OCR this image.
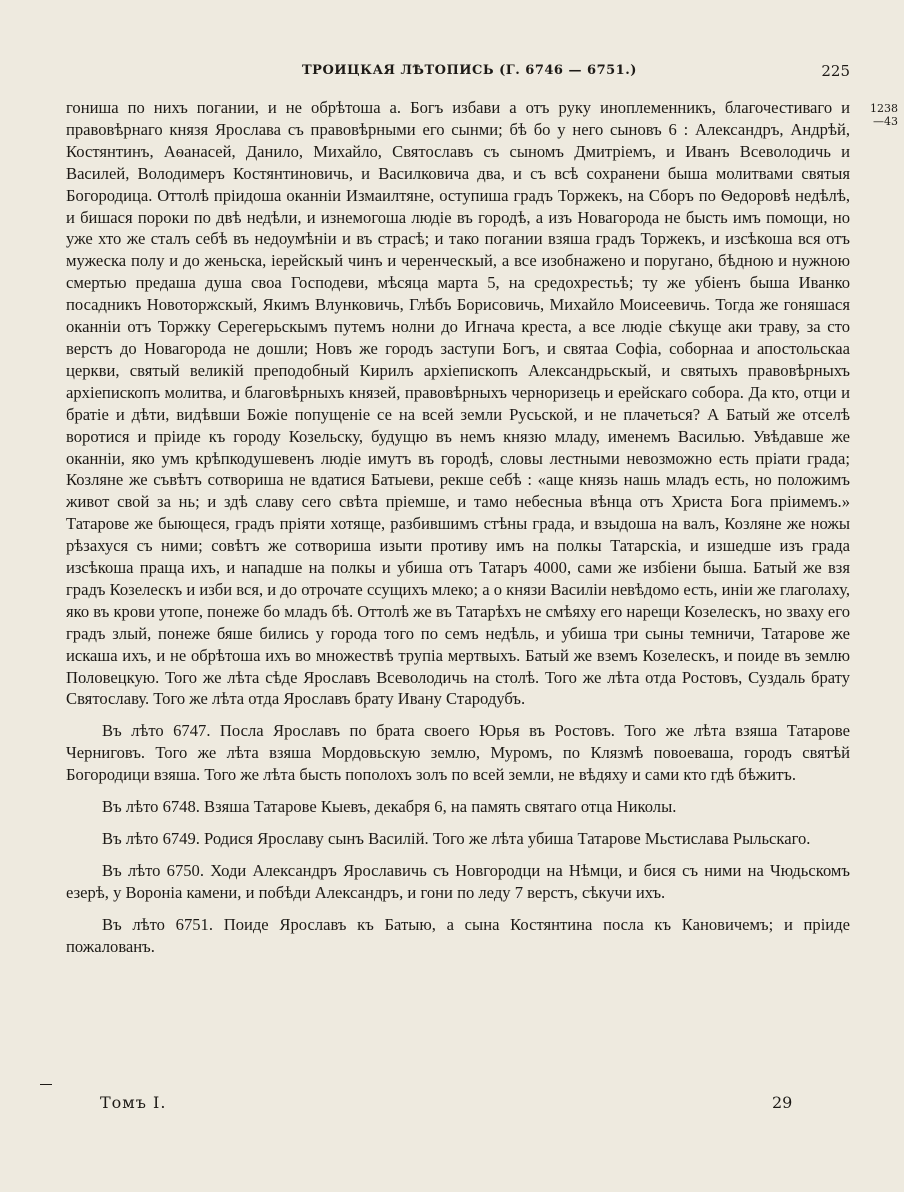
ТРОИЦКАЯ ЛѢТОПИСЬ (Г. 6746 — 6751.)	225
1238
—43

гониша по нихъ погании, и не обрѣтоша а. Богъ избави а отъ руку иноплеменникъ, благочестиваго и правовѣрнаго князя Ярослава съ правовѣрными его сынми; бѣ бо у него сыновъ 6 : Александръ, Андрѣй, Костянтинъ, Аѳанасей, Данило, Михайло, Святославъ съ сыномъ Дмитрiемъ, и Иванъ Всеволодичь и Василей, Володимеръ Костянтиновичь, и Василковича два, и съ всѣ сохранени быша молитвами святыя Богородица. Оттолѣ прiидоша оканнiи Измаилтяне, оступиша градъ Торжекъ, на Сборъ по Ѳедоровѣ недѣлѣ, и бишася пороки по двѣ недѣли, и изнемогоша людiе въ городѣ, а изъ Новагорода не бысть имъ помощи, но уже хто же сталъ себѣ въ недоумѣнiи и въ страсѣ; и тако погании взяша градъ Торжекъ, и изсѣкоша вся отъ мужеска полу и до женьска, iерейскый чинъ и черенческый, а все изобнажено и поругано, бѣдною и нужною смертью предаша душа своа Господеви, мѣсяца марта 5, на средохрестьѣ; ту же убiенъ быша Иванко посадникъ Новоторжскый, Якимъ Влунковичь, Глѣбъ Борисовичь, Михайло Моисеевичь. Тогда же гоняшася оканнiи отъ Торжку Серегерьскымъ путемъ нолни до Игнача креста, а все людiе сѣкуще аки траву, за сто верстъ до Новагорода не дошли; Новъ же городъ заступи Богъ, и святаа Софiа, соборнаа и апостольскаа церкви, святый великiй преподобный Кирилъ архiепископъ Александрьскый, и святыхъ правовѣрныхъ архiепископъ молитва, и благовѣрныхъ князей, правовѣрныхъ черноризець и ерейскаго собора. Да кто, отци и братiе и дѣти, видѣвши Божiе попущенiе се на всей земли Русьской, и не плачеться? А Батый же отселѣ воротися и прiиде къ городу Козельску, будущю въ немъ князю младу, именемъ Василью. Увѣдавше же оканнiи, яко умъ крѣпкодушевенъ людiе имутъ въ городѣ, словы лестными невозможно есть прiати града; Козляне же съвѣтъ сотвориша не вдатися Батыеви, рекше себѣ : «аще князь нашь младъ есть, но положимъ живот свой за нь; и здѣ славу сего свѣта прiемше, и тамо небесныа вѣнца отъ Христа Бога прiимемъ.» Татарове же быющеся, градъ прiяти хотяще, разбившимъ стѣны града, и взыдоша на валъ, Козляне же ножы рѣзахуся съ ними; совѣтъ же сотвориша изыти противу имъ на полкы Татарскiа, и изшедше изъ града изсѣкоша праща ихъ, и нападше на полкы и убиша отъ Татаръ 4000, сами же избiени быша. Батый же взя градъ Козелескъ и изби вся, и до отрочате ссущихъ млеко; а о князи Василiи невѣдомо есть, инiи же глаголаху, яко въ крови утопе, понеже бо младъ бѣ. Оттолѣ же въ Татарѣхъ не смѣяху его нарещи Козелескъ, но зваху его градъ злый, понеже бяше бились у города того по семъ недѣль, и убиша три сыны темничи, Татарове же искаша ихъ, и не обрѣтоша ихъ во множествѣ трупiа мертвыхъ. Батый же вземъ Козелескъ, и поиде въ землю Половецкую. Того же лѣта сѣде Ярославъ Всеволодичь на столѣ. Того же лѣта отда Ростовъ, Суздаль брату Святославу. Того же лѣта отда Ярославъ брату Ивану Стародубъ.

Въ лѣто 6747. Посла Ярославъ по брата своего Юрья въ Ростовъ. Того же лѣта взяша Татарове Черниговъ. Того же лѣта взяша Мордовьскую землю, Муромъ, по Клязмѣ повоеваша, городъ святѣй Богородици взяша. Того же лѣта бысть пополохъ золъ по всей земли, не вѣдяху и сами кто гдѣ бѣжитъ.

Въ лѣто 6748. Взяша Татарове Кыевъ, декабря 6, на память святаго отца Николы.

Въ лѣто 6749. Родися Ярославу сынъ Василiй. Того же лѣта убиша Татарове Мьстислава Рыльскаго.

Въ лѣто 6750. Ходи Александръ Ярославичь съ Новгородци на Нѣмци, и бися съ ними на Чюдьскомъ езерѣ, у Вороніа камени, и побѣди Александръ, и гони по леду 7 верстъ, сѣкучи ихъ.

Въ лѣто 6751. Поиде Ярославъ къ Батыю, а сына Костянтина посла къ Кановичемъ; и прiиде пожалованъ.

Томъ I.	29
